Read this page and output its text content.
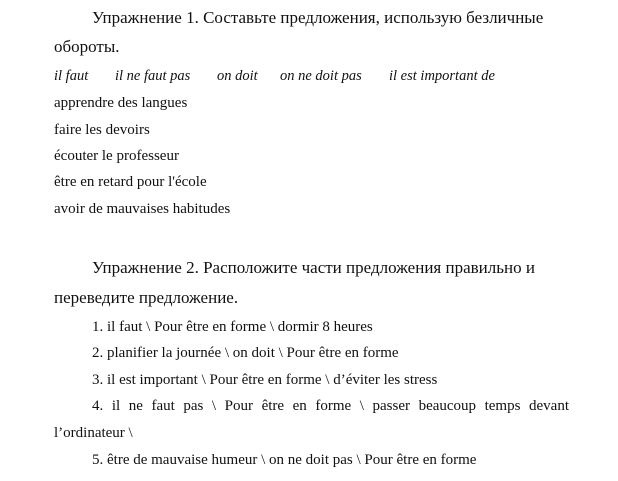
Упражнение 1. Составьте предложения, использую безличные
обороты.
il faut il ne faut pas on doit on ne doit pas il est important de
apprendre des langues
faire les devoirs
écouter le professeur
être en retard pour l'école
avoir de mauvaises habitudes
Упражнение 2. Расположите части предложения правильно и
переведите предложение.
1. il faut \ Pour être en forme \ dormir 8 heures
2. planifier la journée \ on doit \ Pour être en forme
3. il est important \ Pour être en forme \ d’éviter les stress
4. il ne faut pas \ Pour être en forme \ passer beaucoup temps devant
l’ordinateur \
5. être de mauvaise humeur \ on ne doit pas \ Pour être en forme
